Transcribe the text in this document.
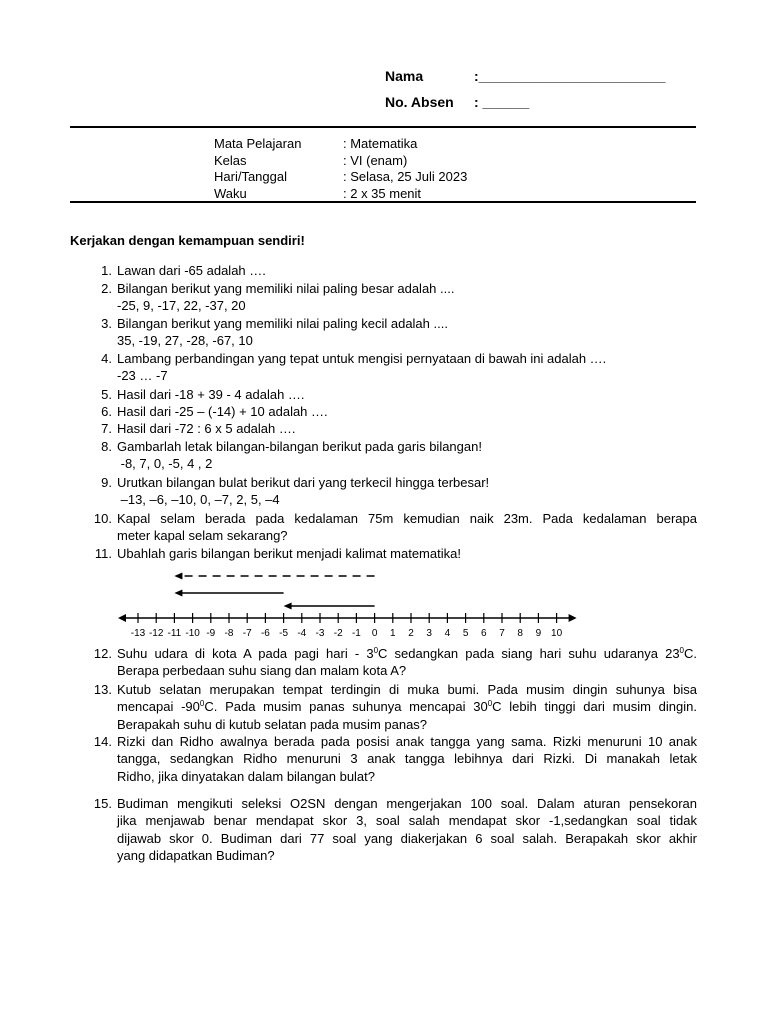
Nama	:________________________
No. Absen : ______
Mata Pelajaran
Kelas
Hari/Tanggal
Waku
: Matematika
: VI (enam)
: Selasa, 25 Juli 2023
: 2 x 35 menit
Kerjakan dengan kemampuan sendiri!
1. Lawan dari -65 adalah ….
2. Bilangan berikut yang memiliki nilai paling besar adalah ....
-25, 9, -17, 22, -37, 20
3. Bilangan berikut yang memiliki nilai paling kecil adalah ....
35, -19, 27, -28, -67, 10
4. Lambang perbandingan yang tepat untuk mengisi pernyataan di bawah ini adalah ….
-23 … -7
5. Hasil dari -18 + 39 - 4 adalah ….
6. Hasil dari -25 – (-14) + 10 adalah ….
7. Hasil dari -72 : 6 x 5 adalah ….
8. Gambarlah letak bilangan-bilangan berikut pada garis bilangan!
-8, 7, 0, -5, 4 , 2
9. Urutkan bilangan bulat berikut dari yang terkecil hingga terbesar!
–13, –6, –10, 0, –7, 2, 5, –4
10. Kapal selam berada pada kedalaman 75m kemudian naik 23m. Pada kedalaman berapa
meter kapal selam sekarang?
11. Ubahlah garis bilangan berikut menjadi kalimat matematika!
-13 -12 -11 -10 -9 -8 -7 -6 -5 -4 -3 -2 -1 0 1 2 3 4 5 6 7 8 9 10
12. Suhu udara di kota A pada pagi hari - $3^0C$ sedangkan pada siang hari suhu udaranya $23^0C$.
Berapa perbedaan suhu siang dan malam kota A?
13. Kutub selatan merupakan tempat terdingin di muka bumi. Pada musim dingin suhunya bisa
mencapai $-90^0C$. Pada musim panas suhunya mencapai $30^0C$ lebih tinggi dari musim dingin.
Berapakah suhu di kutub selatan pada musim panas?
14. Rizki dan Ridho awalnya berada pada posisi anak tangga yang sama. Rizki menuruni 10 anak
tangga, sedangkan Ridho menuruni 3 anak tangga lebihnya dari Rizki. Di manakah letak
Ridho, jika dinyatakan dalam bilangan bulat?
15. Budiman mengikuti seleksi O2SN dengan mengerjakan 100 soal. Dalam aturan pensekoran
jika menjawab benar mendapat skor 3, soal salah mendapat skor -1,sedangkan soal tidak
dijawab skor 0. Budiman dari 77 soal yang diakerjakan 6 soal salah. Berapakah skor akhir
yang didapatkan Budiman?
